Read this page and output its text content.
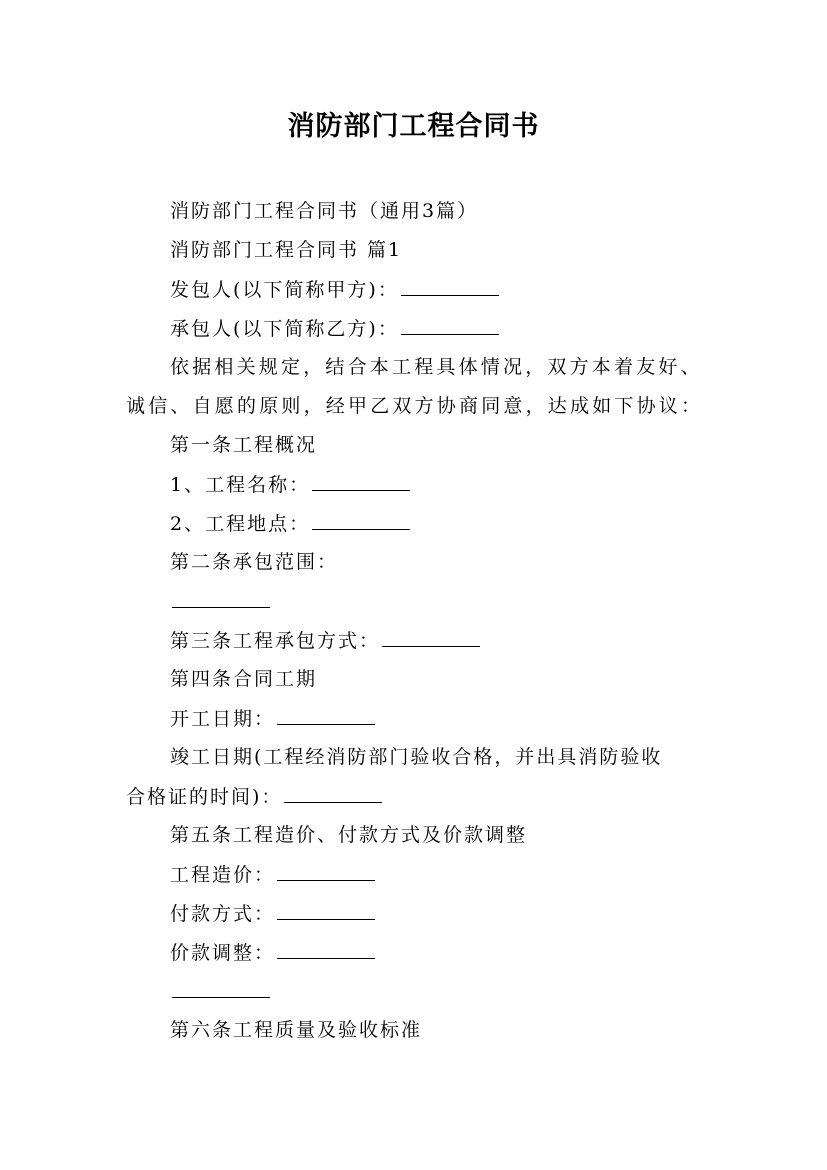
消防部门工程合同书
消防部门工程合同书（通用3篇）
消防部门工程合同书 篇1
发包人(以下简称甲方)：
承包人(以下简称乙方)：
依据相关规定，结合本工程具体情况，双方本着友好、
诚信、自愿的原则，经甲乙双方协商同意，达成如下协议：
第一条工程概况
1、工程名称：
2、工程地点：
第二条承包范围：
第三条工程承包方式：
第四条合同工期
开工日期：
竣工日期(工程经消防部门验收合格，并出具消防验收
合格证的时间)：
第五条工程造价、付款方式及价款调整
工程造价：
付款方式：
价款调整：
第六条工程质量及验收标准
